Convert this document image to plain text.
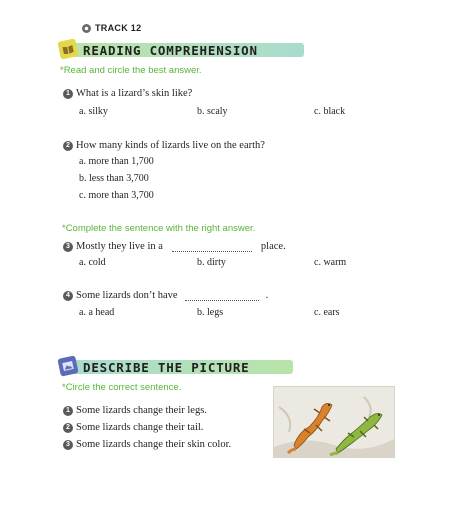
TRACK 12
READING COMPREHENSION
*Read and circle the best answer.
1 What is a lizard’s skin like?
a. silky	b. scaly	c. black
2 How many kinds of lizards live on the earth?
a. more than 1,700
b. less than 3,700
c. more than 3,700
*Complete the sentence with the right answer.
3 Mostly they live in a	place.
a. cold	b. dirty	c. warm
4 Some lizards don’t have	.
a. a head	b. legs	c. ears
DESCRIBE THE PICTURE
*Circle the correct sentence.
1 Some lizards change their legs.
2 Some lizards change their tail.
3 Some lizards change their skin color.
